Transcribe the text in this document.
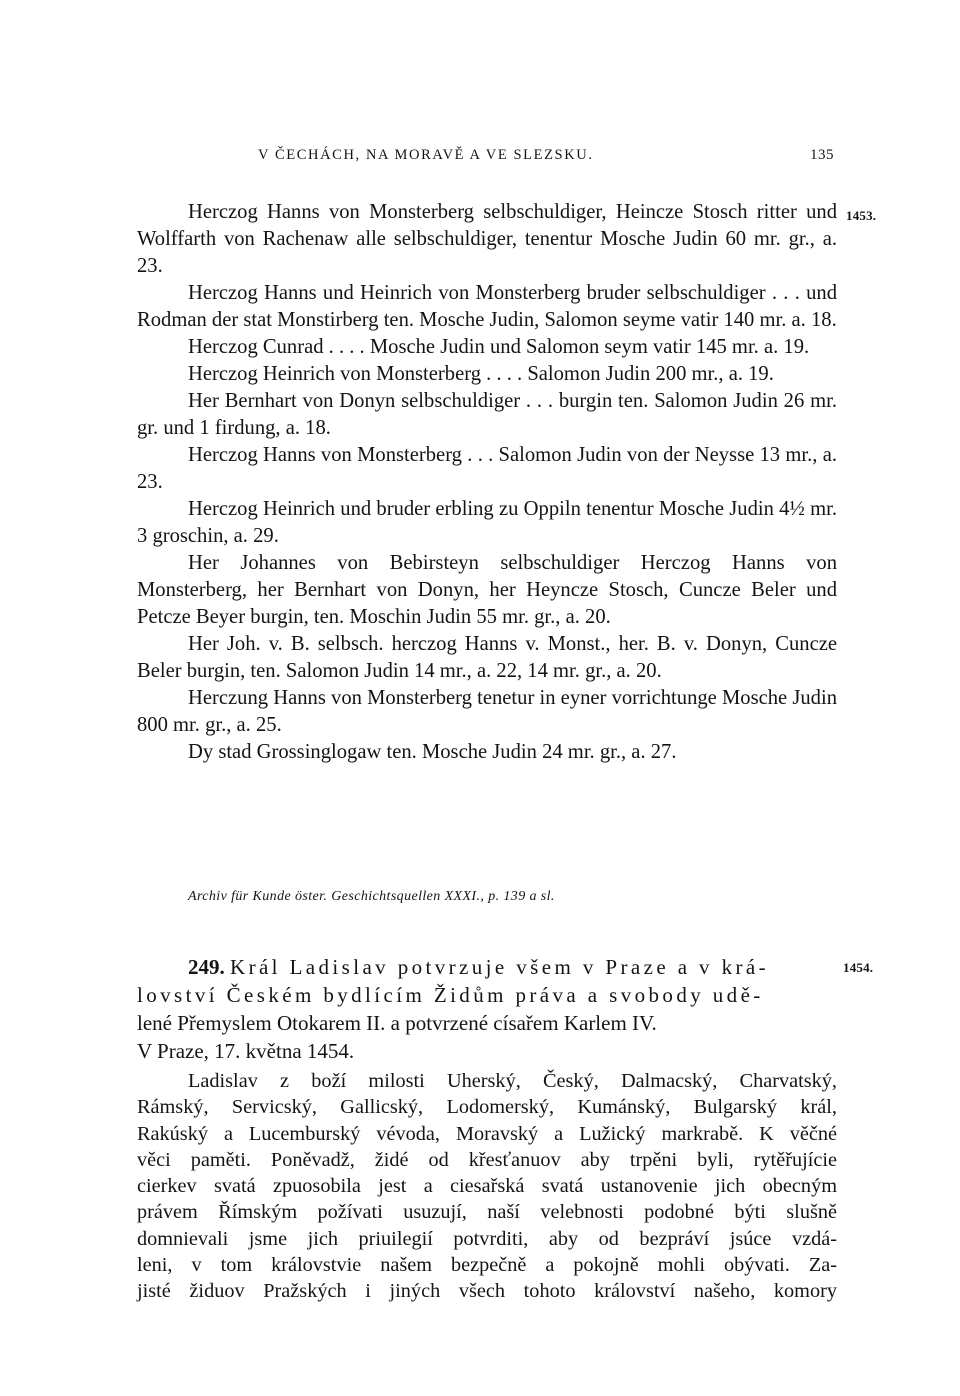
V ČECHÁCH, NA MORAVĚ A VE SLEZSKU.	135
1453.

Herczog Hanns von Monsterberg selbschuldiger, Heincze Stosch ritter und Wolffarth von Rachenaw alle selbschuldiger, tenentur Mosche Judin 60 mr. gr., a. 23.

Herczog Hanns und Heinrich von Monsterberg bruder selbschuldiger . . . und Rodman der stat Monstirberg ten. Mosche Judin, Salomon seyme vatir 140 mr. a. 18.

Herczog Cunrad . . . . Mosche Judin und Salomon seym vatir 145 mr. a. 19.

Herczog Heinrich von Monsterberg . . . . Salomon Judin 200 mr., a. 19.

Her Bernhart von Donyn selbschuldiger . . . burgin ten. Salomon Judin 26 mr. gr. und 1 firdung, a. 18.

Herczog Hanns von Monsterberg . . . Salomon Judin von der Neysse 13 mr., a. 23.

Herczog Heinrich und bruder erbling zu Oppiln tenentur Mosche Judin 4½ mr. 3 groschin, a. 29.

Her Johannes von Bebirsteyn selbschuldiger Herczog Hanns von Monsterberg, her Bernhart von Donyn, her Heyncze Stosch, Cuncze Beler und Petcze Beyer burgin, ten. Moschin Judin 55 mr. gr., a. 20.

Her Joh. v. B. selbsch. herczog Hanns v. Monst., her. B. v. Donyn, Cuncze Beler burgin, ten. Salomon Judin 14 mr., a. 22, 14 mr. gr., a. 20.

Herczung Hanns von Monsterberg tenetur in eyner vorrichtunge Mosche Judin 800 mr. gr., a. 25.

Dy stad Grossinglogaw ten. Mosche Judin 24 mr. gr., a. 27.

Archiv für Kunde öster. Geschichtsquellen XXXI., p. 139 a sl.
1454.
249. Král Ladislav potvrzuje všem v Praze a v krá-
lovství Českém bydlícím Židům práva a svobody udě-
lené Přemyslem Otokarem II. a potvrzené císařem Karlem IV.
V Praze, 17. května 1454.

Ladislav z boží milosti Uherský, Český, Dalmacský, Charvatský,

Rámský, Servicský, Gallicský, Lodomerský, Kumánský, Bulgarský král,

Rakúský a Lucemburský vévoda, Moravský a Lužický markrabě. K věčné

věci paměti. Poněvadž, židé od křesťanuov aby trpěni byli, rytěřujície

cierkev svatá zpuosobila jest a ciesařská svatá ustanovenie jich obecným

právem Římským požívati usuzují, naší velebnosti podobné býti slušně

domnievali jsme jich priuilegií potvrditi, aby od bezpráví jsúce vzdá-

leni, v tom královstvie našem bezpečně a pokojně mohli obývati. Za-

jisté židuov Pražských i jiných všech tohoto království našeho, komory
